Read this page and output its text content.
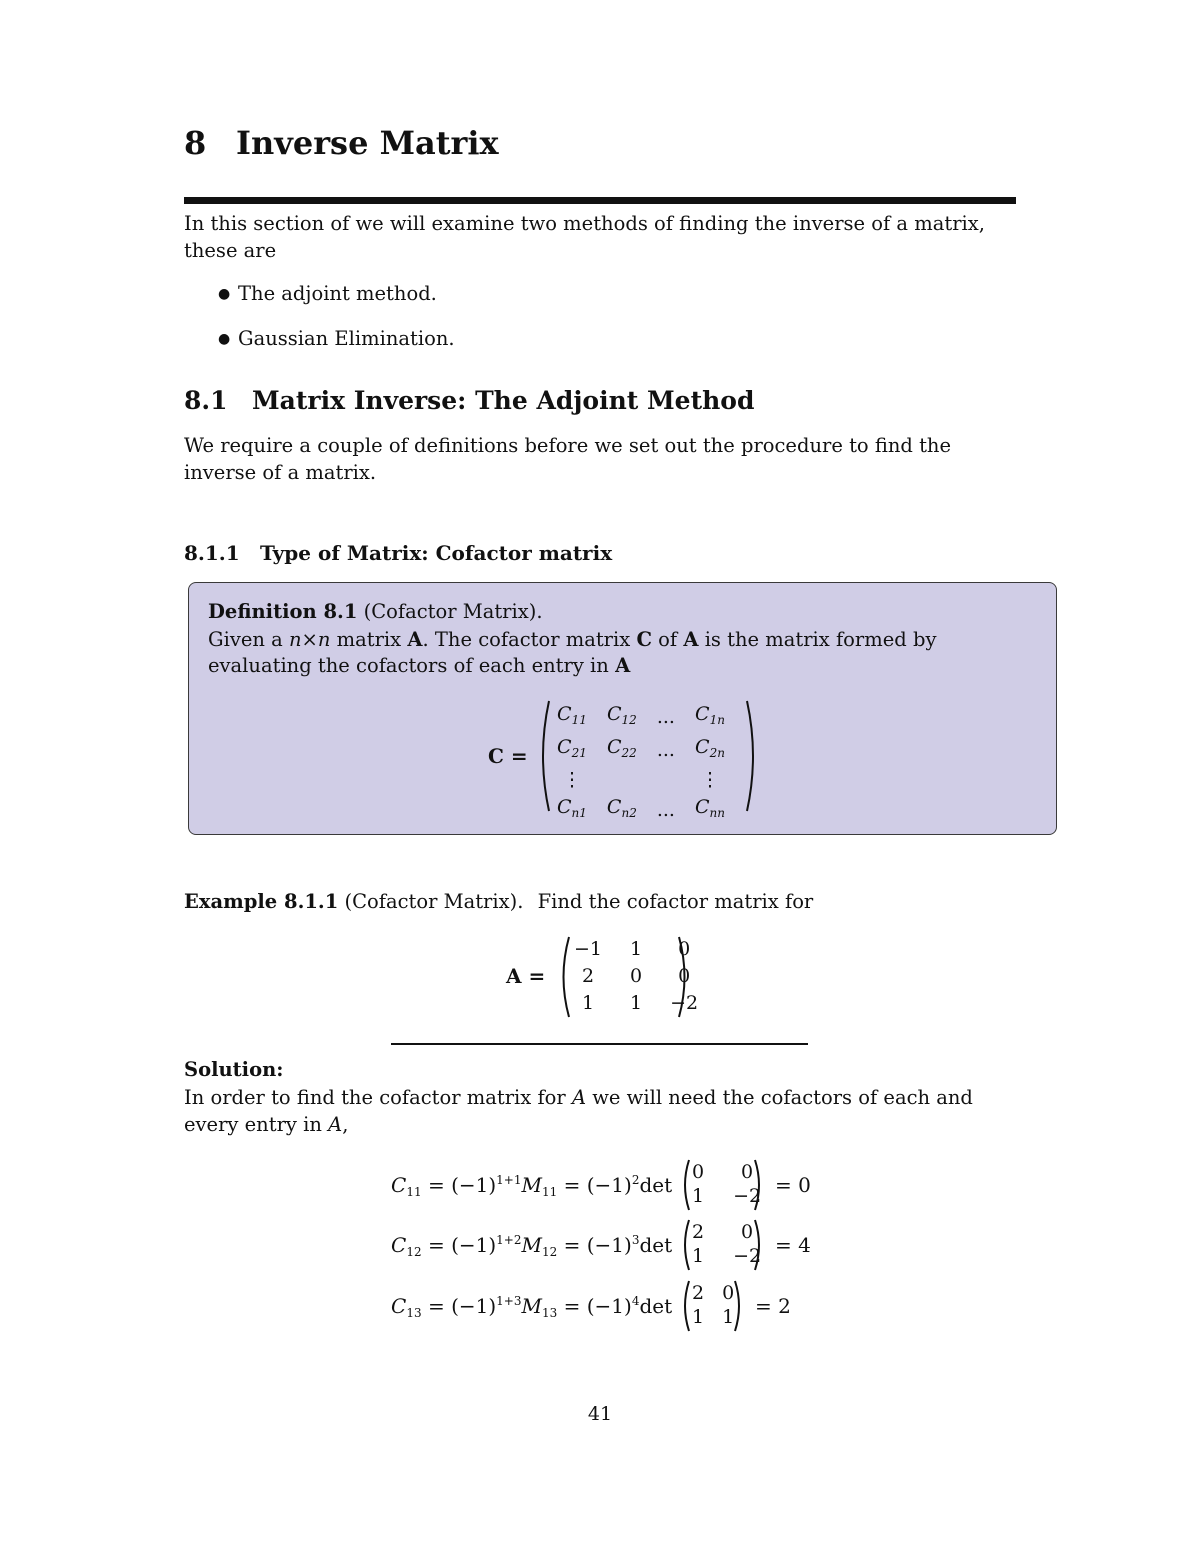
8 Inverse Matrix
In this section of we will examine two methods of finding the inverse of a matrix, these are
● The adjoint method.
● Gaussian Elimination.
8.1 Matrix Inverse: The Adjoint Method
We require a couple of definitions before we set out the procedure to find the inverse of a matrix.
8.1.1 Type of Matrix: Cofactor matrix
Definition 8.1 (Cofactor Matrix).
Given a n×n matrix A. The cofactor matrix C of A is the matrix formed by evaluating the cofactors of each entry in A
C =
$C_{11}$	$C_{12}$	...	$C_{1n}$
$C_{21}$	$C_{22}$	...	$C_{2n}$
⋮			⋮
$C_{n1}$	$C_{n2}$	...	$C_{nn}$
Example 8.1.1 (Cofactor Matrix). Find the cofactor matrix for
A =
−1	1	0
2	0	0
1	1	−2
Solution:
In order to find the cofactor matrix for A we will need the cofactors of each and every entry in A,
$C_{11} = (-1)^{1+1}M_{11} = (-1)^2\det$
0	0
1	−2 = 0
$C_{12} = (-1)^{1+2}M_{12} = (-1)^3\det$
2	0
1	−2 = 4
$C_{13} = (-1)^{1+3}M_{13} = (-1)^4\det$
2	0
1	1 = 2
41
